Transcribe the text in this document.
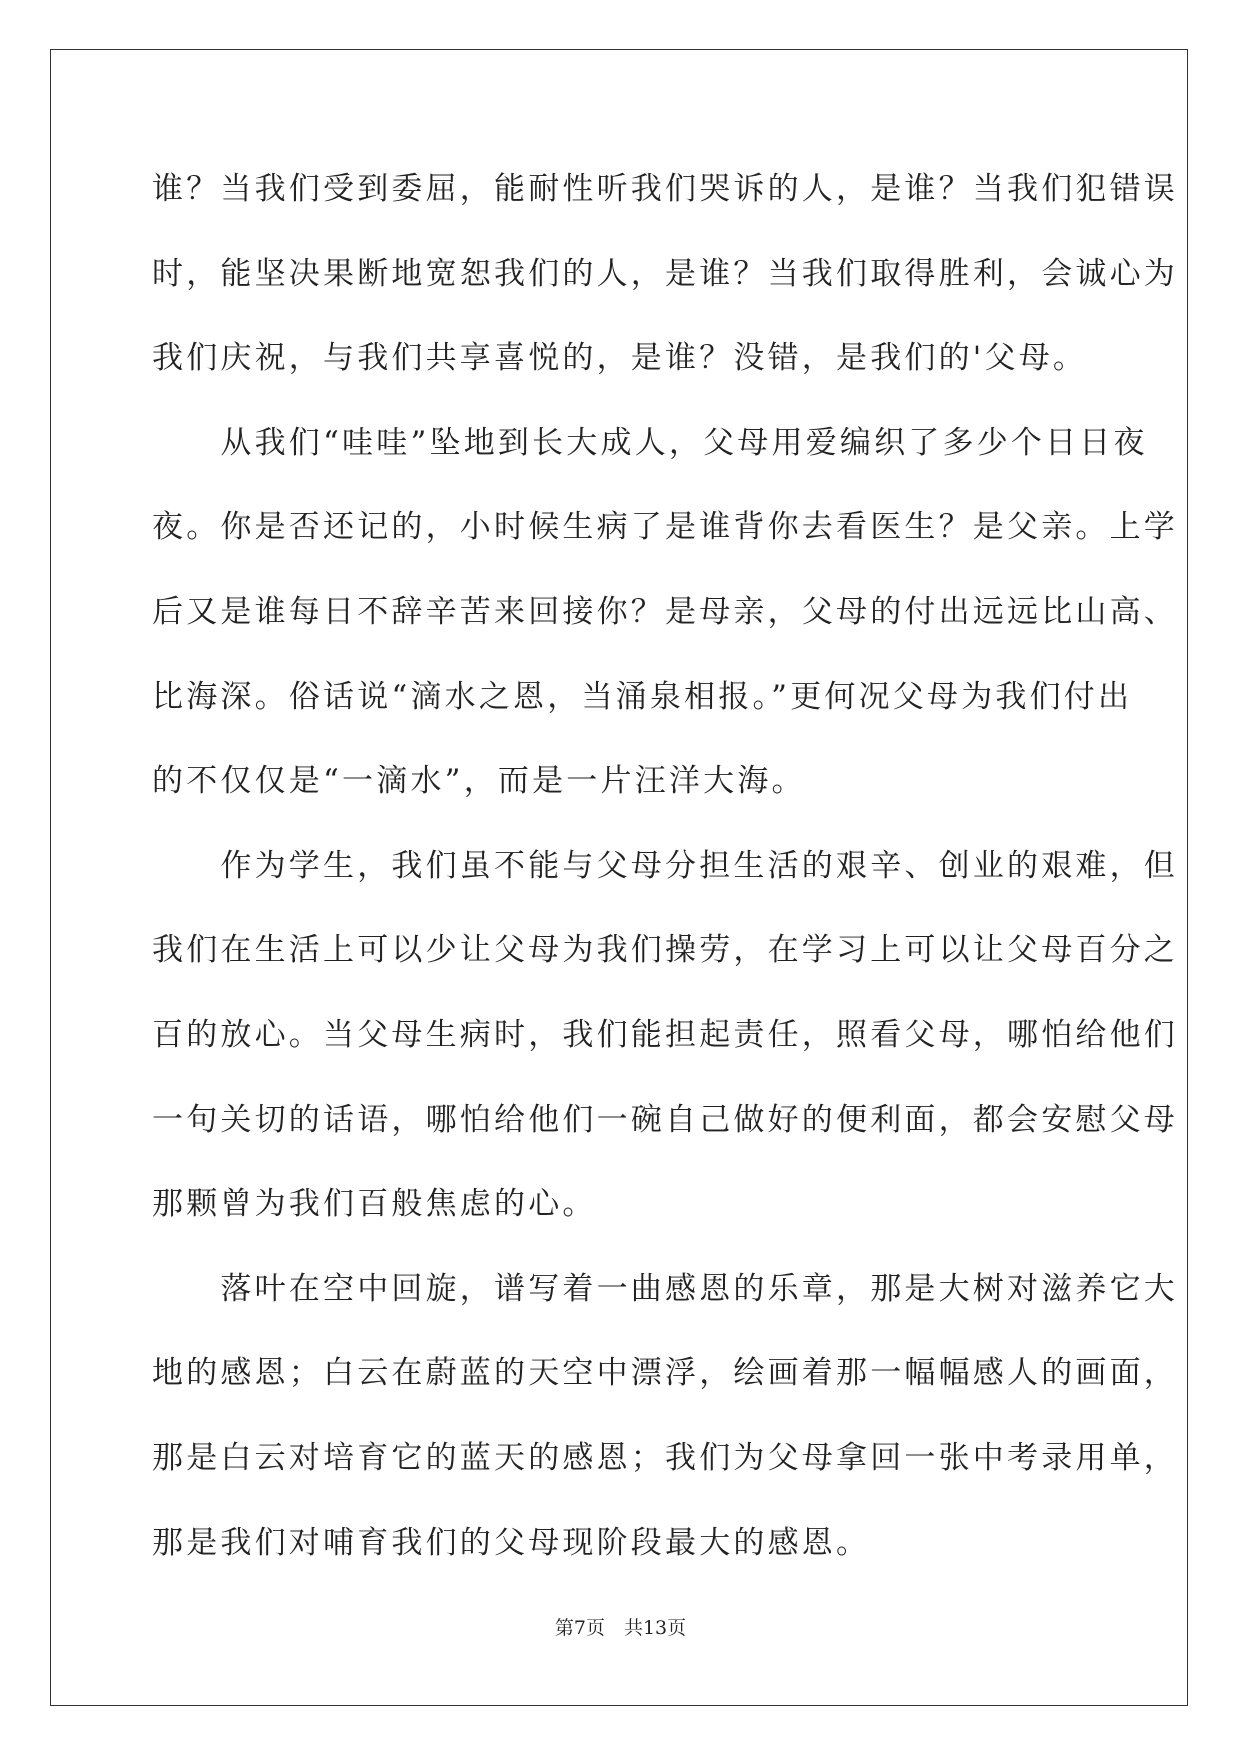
谁？当我们受到委屈，能耐性听我们哭诉的人，是谁？当我们犯错误
时，能坚决果断地宽恕我们的人，是谁？当我们取得胜利，会诚心为
我们庆祝，与我们共享喜悦的，是谁？没错，是我们的'父母。
　　从我们“哇哇”坠地到长大成人，父母用爱编织了多少个日日夜
夜。你是否还记的，小时候生病了是谁背你去看医生？是父亲。上学
后又是谁每日不辞辛苦来回接你？是母亲，父母的付出远远比山高、
比海深。俗话说“滴水之恩，当涌泉相报。”更何况父母为我们付出
的不仅仅是“一滴水”，而是一片汪洋大海。
　　作为学生，我们虽不能与父母分担生活的艰辛、创业的艰难，但
我们在生活上可以少让父母为我们操劳，在学习上可以让父母百分之
百的放心。当父母生病时，我们能担起责任，照看父母，哪怕给他们
一句关切的话语，哪怕给他们一碗自己做好的便利面，都会安慰父母
那颗曾为我们百般焦虑的心。
　　落叶在空中回旋，谱写着一曲感恩的乐章，那是大树对滋养它大
地的感恩；白云在蔚蓝的天空中漂浮，绘画着那一幅幅感人的画面，
那是白云对培育它的蓝天的感恩；我们为父母拿回一张中考录用单，
那是我们对哺育我们的父母现阶段最大的感恩。
第7页　共13页
